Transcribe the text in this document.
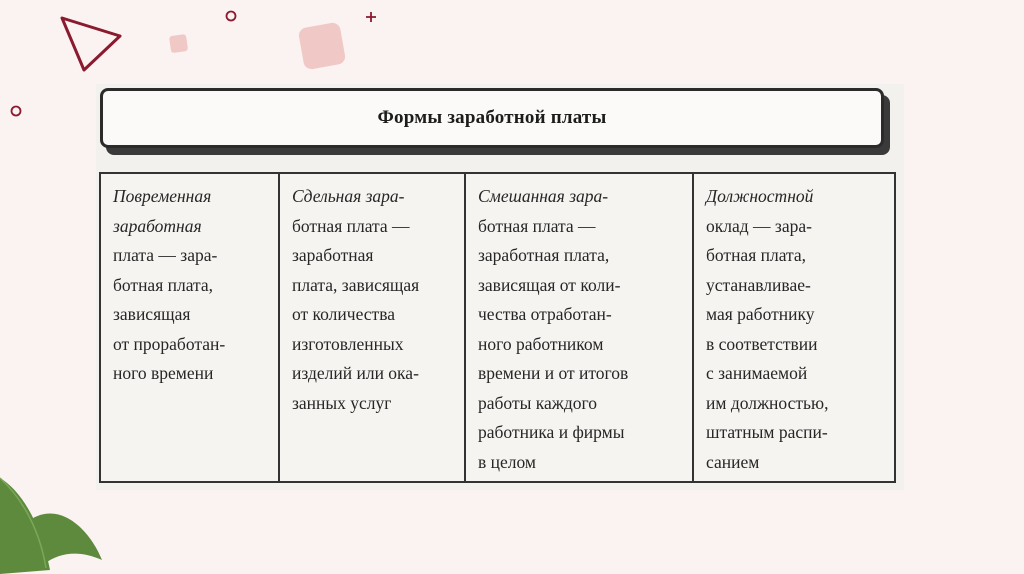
Формы заработной платы
Повременная
заработная
плата — зара-
ботная плата,
зависящая
от проработан-
ного времени

Сдельная зара-
ботная плата —
заработная
плата, зависящая
от количества
изготовленных
изделий или ока-
занных услуг

Смешанная зара-
ботная плата —
заработная плата,
зависящая от коли-
чества отработан-
ного работником
времени и от итогов
работы каждого
работника и фирмы
в целом

Должностной
оклад — зара-
ботная плата,
устанавливае-
мая работнику
в соответствии
с занимаемой
им должностью,
штатным распи-
санием
